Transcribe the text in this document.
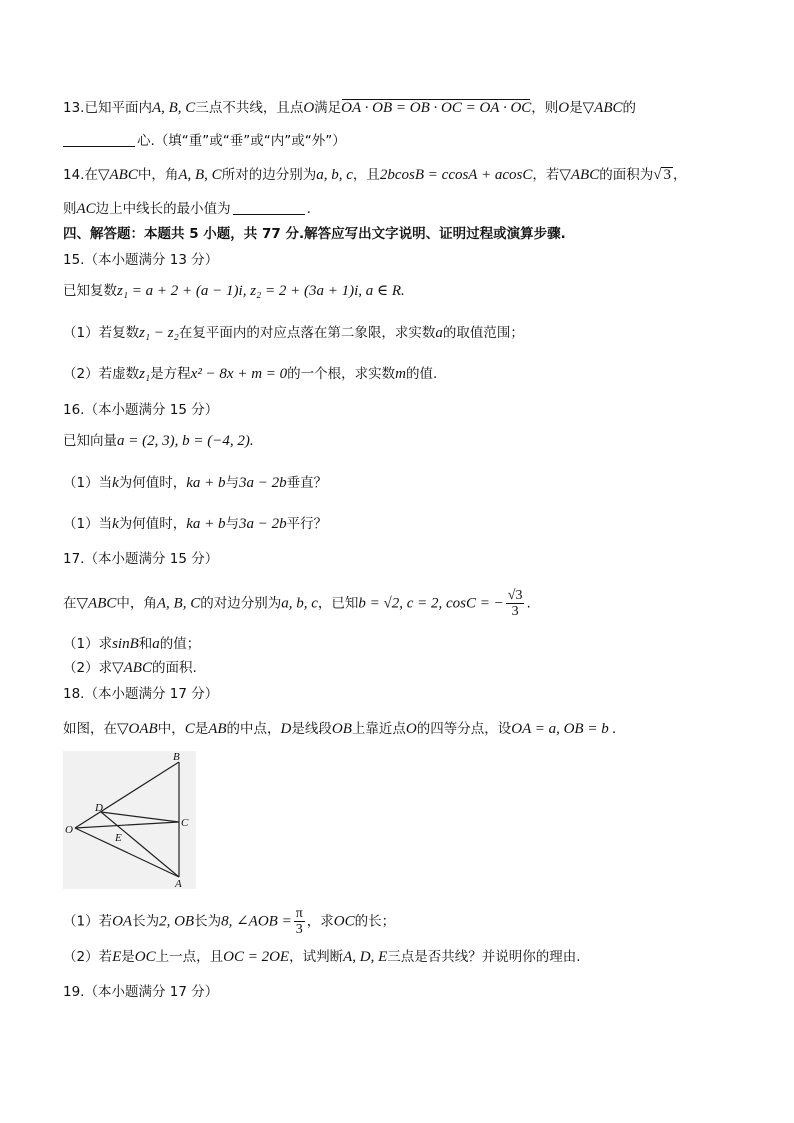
13.已知平面内A, B, C三点不共线，且点O满足OA · OB = OB · OC = OA · OC，则O是▽ABC的
心.（填“重”或“垂”或“内”或“外”）
14.在▽ABC中，角A, B, C所对的边分别为a, b, c，且2bcosB = ccosA + acosC，若▽ABC的面积为√ 3 ，
则AC边上中线长的最小值为	.
四、解答题：本题共 5 小题，共 77 分.解答应写出文字说明、证明过程或演算步骤.
15.（本小题满分 13 分）
已知复数z₁ = a + 2 + (a − 1)i, z₂ = 2 + (3a + 1)i, a ∈ R.
（1）若复数z₁ − z₂在复平面内的对应点落在第二象限，求实数a的取值范围；
（2）若虚数z₁是方程x² − 8x + m = 0的一个根，求实数m的值.
16.（本小题满分 15 分）
已知向量a = (2, 3), b = (−4, 2).
（1）当k为何值时，ka + b与3a − 2b垂直？
（1）当k为何值时，ka + b与3a − 2b平行？
17.（本小题满分 15 分）
在▽ABC中，角A, B, C的对边分别为a, b, c，已知b = √2, c = 2, cosC = − $\frac{√3}{3}$ .
（1）求sinB和a的值；
（2）求▽ABC的面积.
18.（本小题满分 17 分）
如图，在▽OAB中，C是AB的中点，D是线段OB上靠近点O的四等分点，设OA = a, OB = b .
B
D
C
O
E
A
（1）若OA长为2, OB长为8, ∠AOB = $\frac{\pi}{3}$ ，求OC的长；
（2）若E是OC上一点，且OC = 2OE，试判断A, D, E三点是否共线？并说明你的理由.
19.（本小题满分 17 分）
